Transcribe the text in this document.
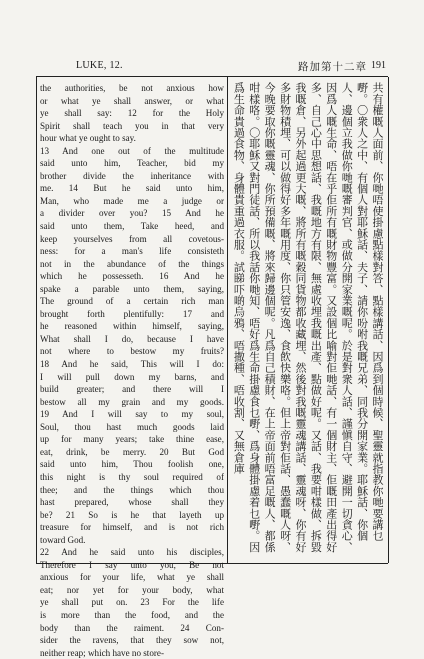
LUKE, 12.	路加第十二章 191
the authorities, be not anxious how
or what ye shall answer, or what
ye shall say: 12 for the Holy
Spirit shall teach you in that very
hour what ye ought to say.
13 And one out of the multitude
said unto him, Teacher, bid my
brother divide the inheritance with
me. 14 But he said unto him,
Man, who made me a judge or
a divider over you? 15 And he
said unto them, Take heed, and
keep yourselves from all covetous-
ness: for a man's life consisteth
not in the abundance of the things
which he possesseth. 16 And he
spake a parable unto them, saying,
The ground of a certain rich man
brought forth plentifully: 17 and
he reasoned within himself, saying,
What shall I do, because I have
not where to bestow my fruits?
18 And he said, This will I do:
I will pull down my barns, and
build greater; and there will I
bestow all my grain and my goods.
19 And I will say to my soul,
Soul, thou hast much goods laid
up for many years; take thine ease,
eat, drink, be merry. 20 But God
said unto him, Thou foolish one,
this night is thy soul required of
thee; and the things which thou
hast prepared, whose shall they
be? 21 So is he that layeth up
treasure for himself, and is not rich
toward God.
22 And he said unto his disciples,
Therefore I say unto you, Be not
anxious for your life, what ye shall
eat; nor yet for your body, what
ye shall put on. 23 For the life
is more than the food, and the
body than the raiment. 24 Con-
sider the ravens, that they sow not,
neither reap; which have no store-
共有權嘅人面前、你哋唔使掛慮點樣對答、點樣講話、因爲到個時候、聖靈就指教你哋要講乜嘢。〇衆人之中、有個人對耶穌話、夫子、請你吩咐我嘅兄弟、同我分開家業。耶穌話、你個人、邊個立我做你哋嘅審判官、或做分開家業嘅呢。於是對衆人話、謹愼自守、避開一切貪心、因爲人嘅生命、唔在乎佢所有嘅財物豐富。又設個比喻對佢哋話、有一個財主、佢嘅田產出得好多、自己心中思想話、我嘅地方有限、無處收埋我嘅出產、點做好呢。又話、我要咁樣做、拆毀我嘅倉、另外起過更大嘅、將所有嘅穀同貨物都收藏埋、然後對我嘅靈魂講話、靈魂呀、你有好多財物積埋、可以做得好多年嘅用度、你只管安逸、食飲快樂咯。但上帝對佢話、愚蠢嘅人呀、今晚要取你嘅靈魂、你所預備嘅、將來歸邊個呢。凡爲自己積財、在上帝面前唔富足嘅人、都係咁樣咯。〇耶穌又對門徒話、所以我話你哋知、唔好爲生命掛慮食乜嘢、爲身體掛慮着乜嘢。因爲生命貴過食物、身體貴重過衣服。試睇吓啲烏鴉、唔撒種、唔收割、又無倉庫
